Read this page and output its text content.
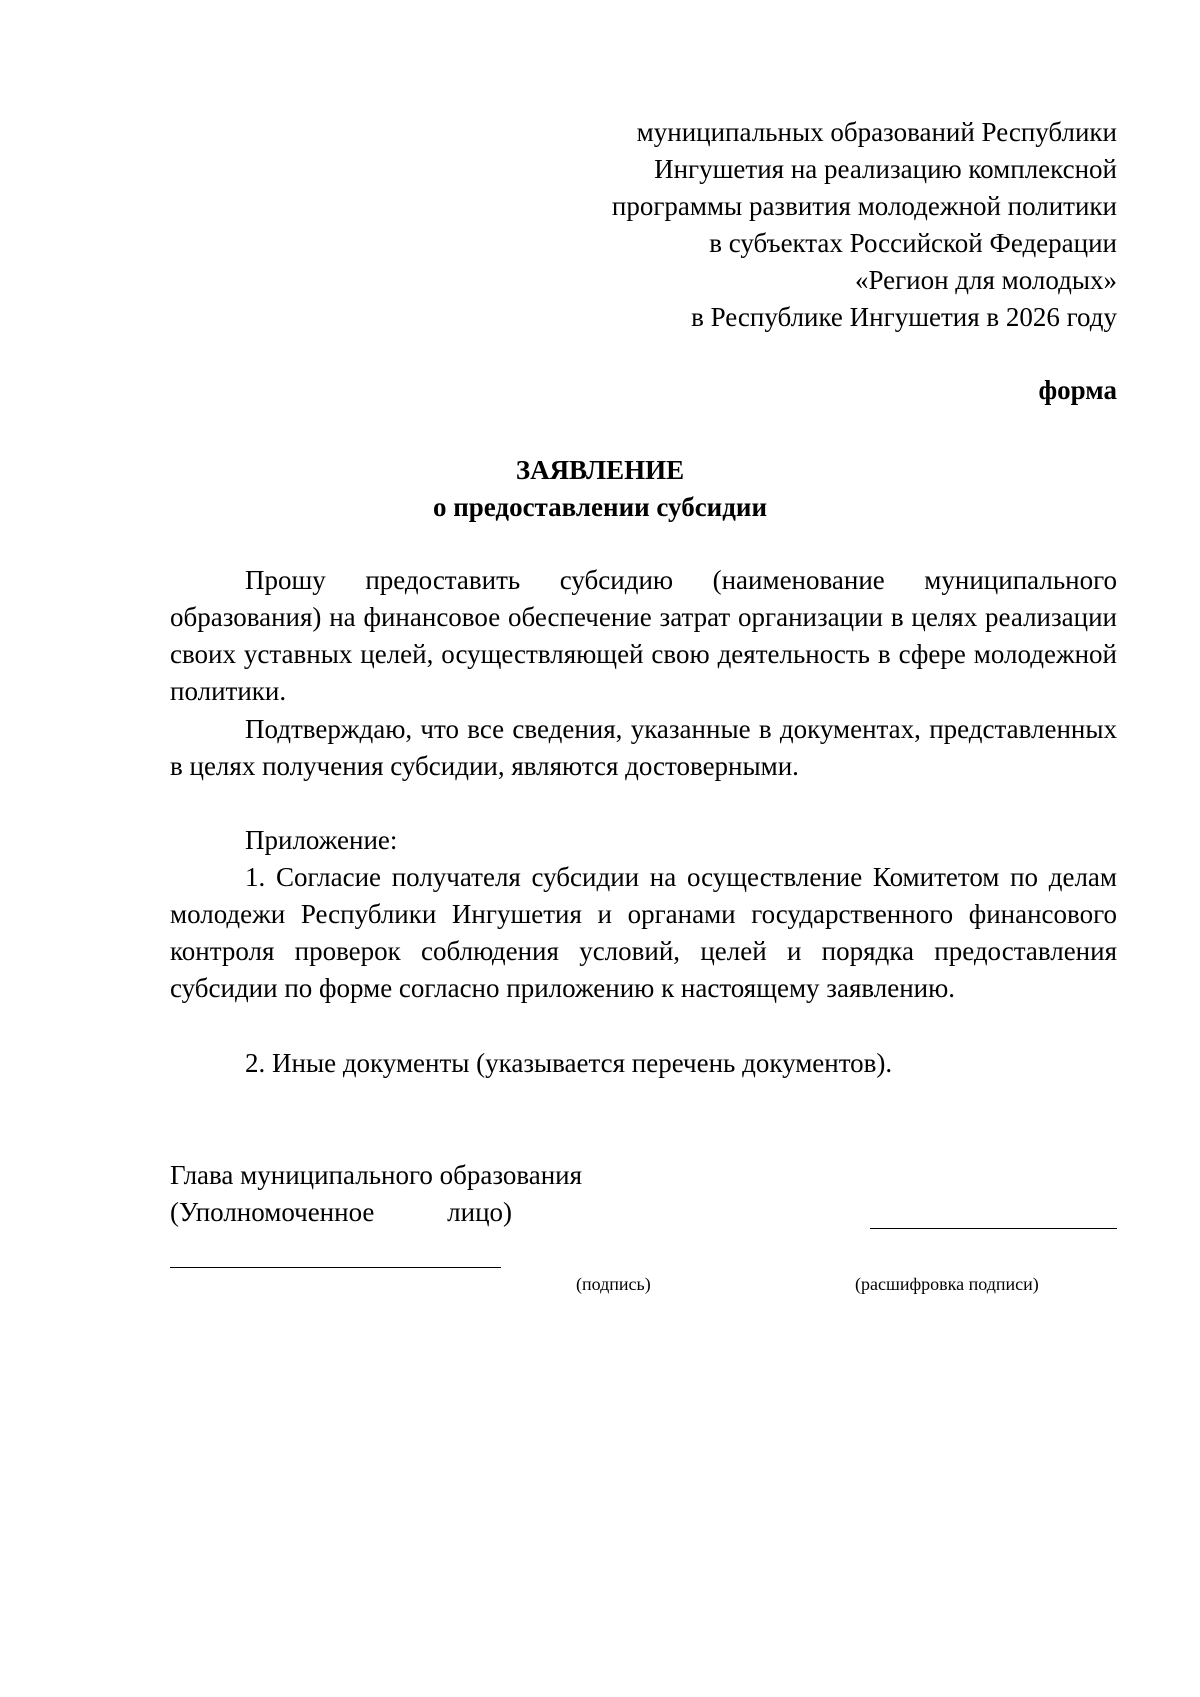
муниципальных образований Республики
Ингушетия на реализацию комплексной
программы развития молодежной политики
в субъектах Российской Федерации
«Регион для молодых»
в Республике Ингушетия в 2026 году
форма
ЗАЯВЛЕНИЕ
о предоставлении субсидии

Прошу предоставить субсидию (наименование муниципального образования) на финансовое обеспечение затрат организации в целях реализации своих уставных целей, осуществляющей свою деятельность в сфере молодежной политики.

Подтверждаю, что все сведения, указанные в документах, представленных в целях получения субсидии, являются достоверными.

Приложение:

1. Согласие получателя субсидии на осуществление Комитетом по делам молодежи Республики Ингушетия и органами государственного финансового контроля проверок соблюдения условий, целей и порядка предоставления субсидии по форме согласно приложению к настоящему заявлению.

2. Иные документы (указывается перечень документов).

Глава муниципального образования
(Уполномоченное лицо)
(подпись)	(расшифровка подписи)
